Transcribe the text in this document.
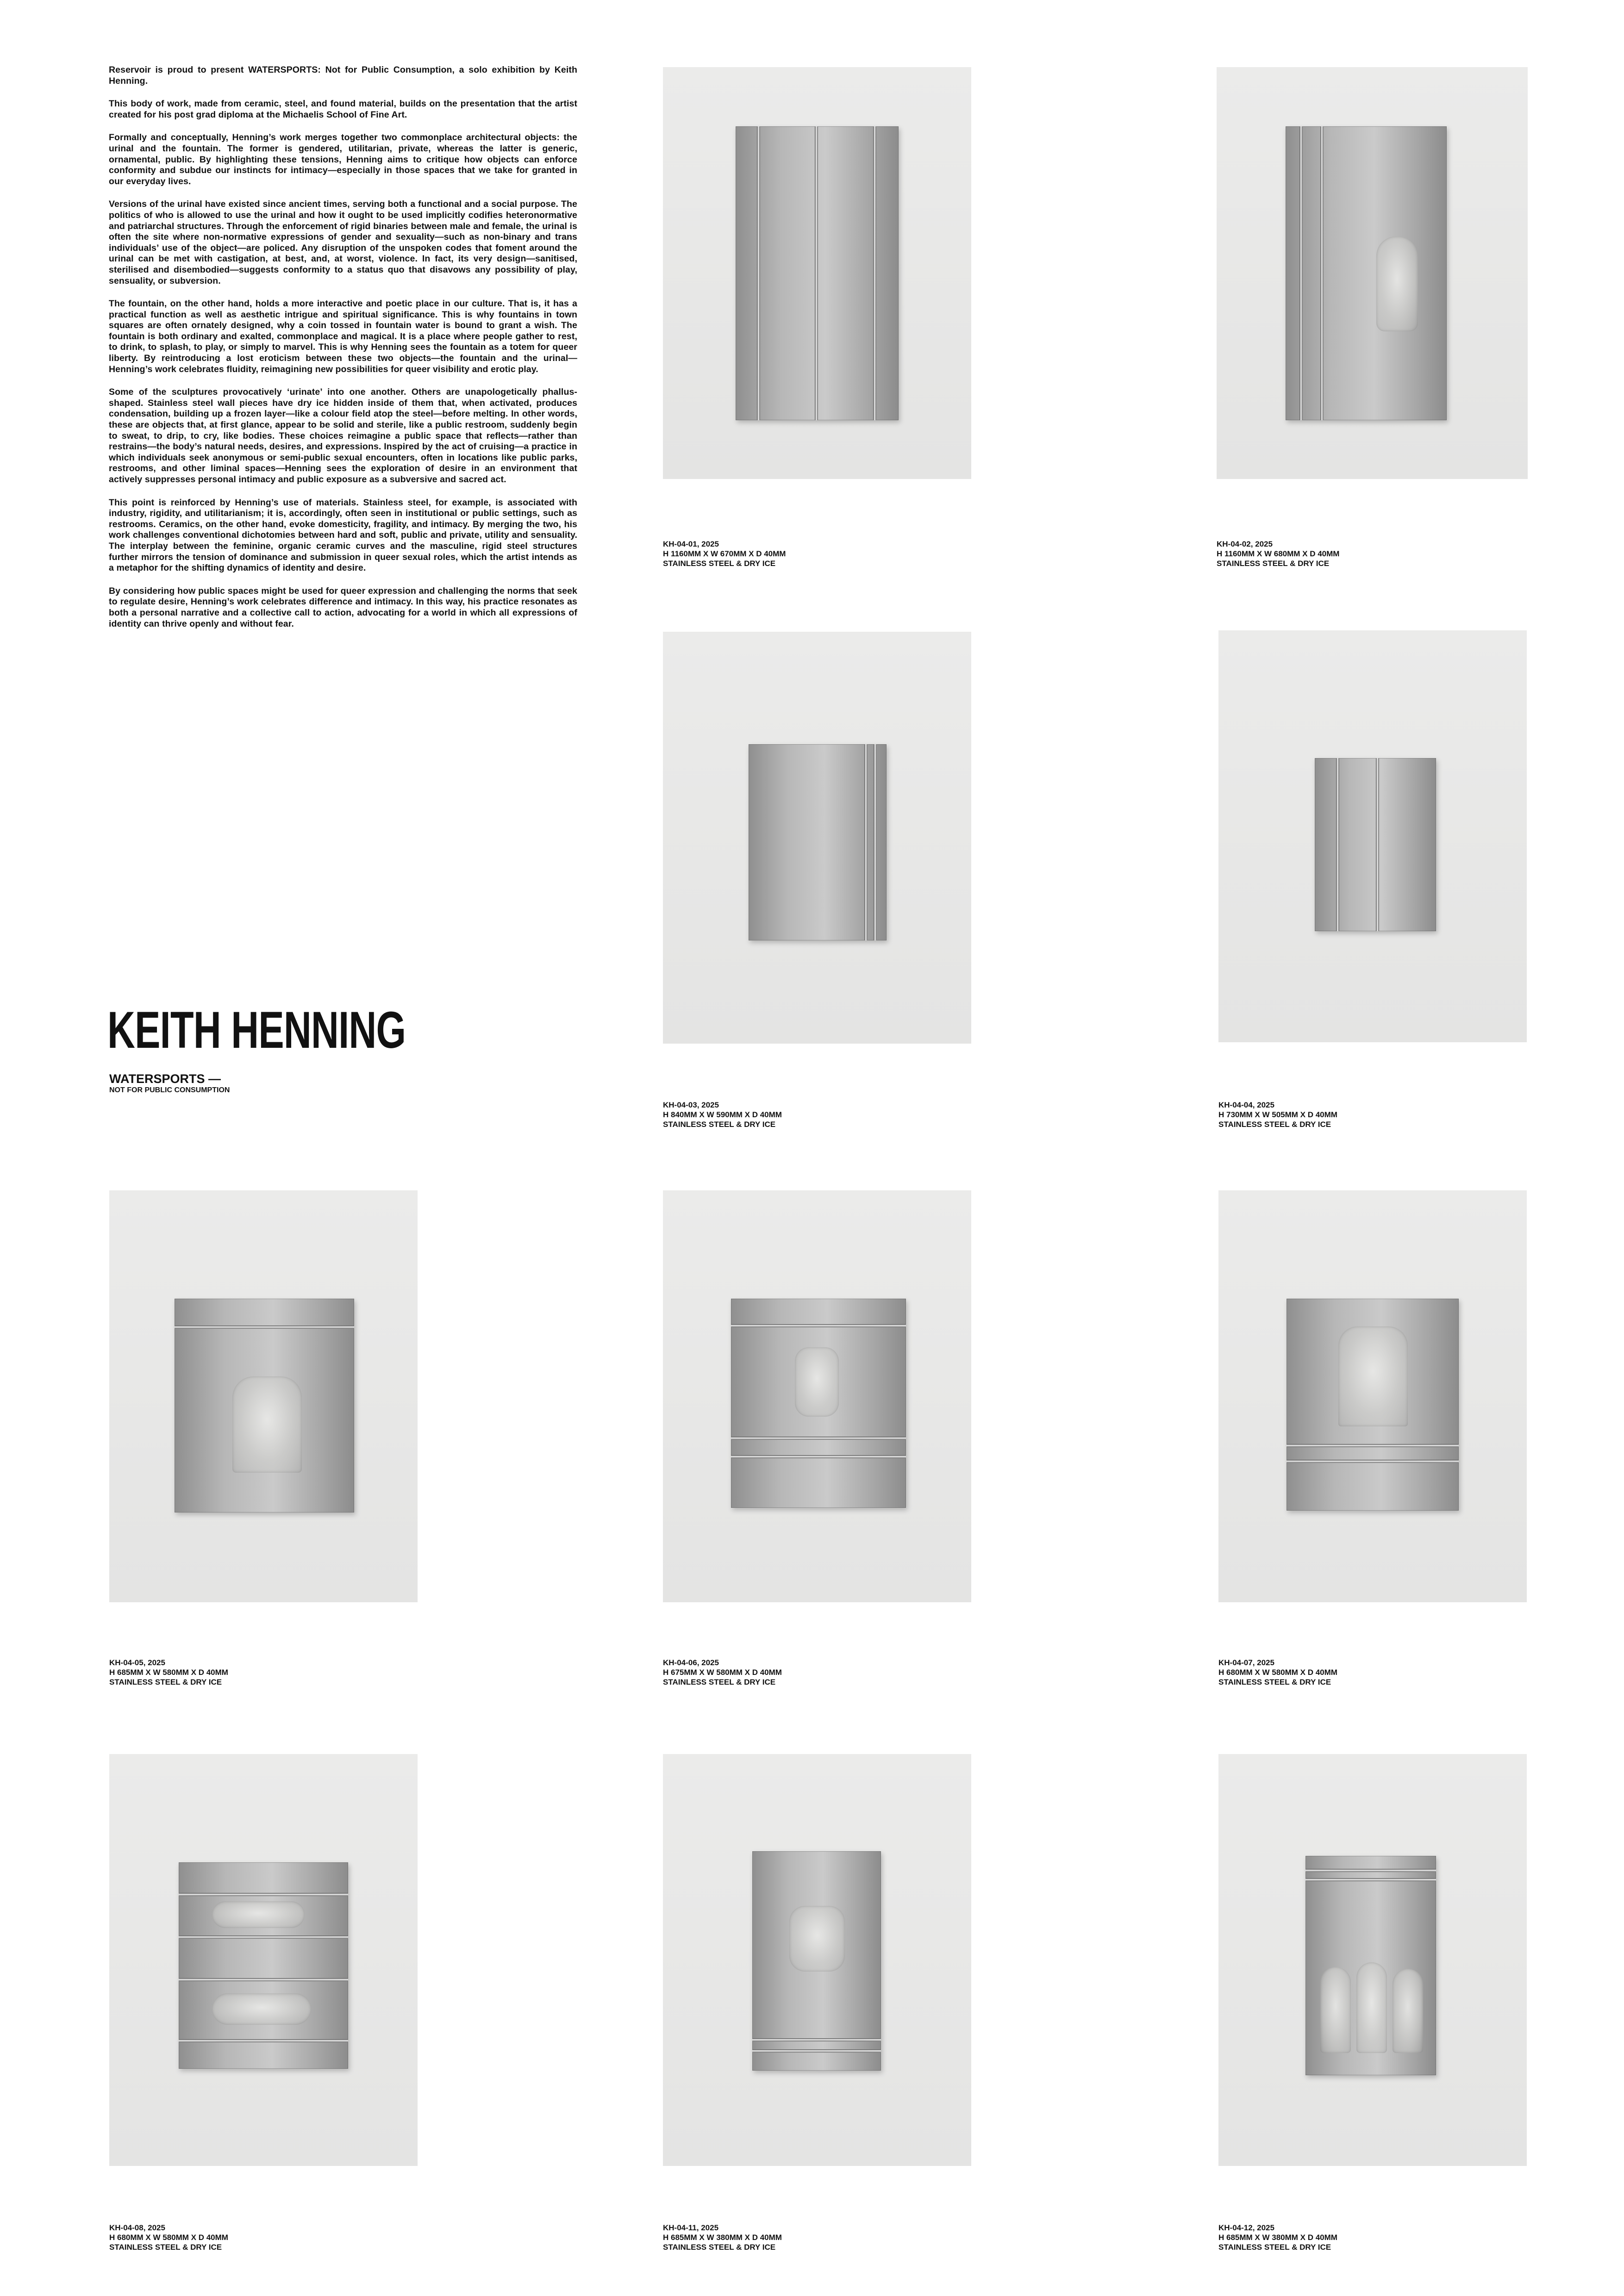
Reservoir is proud to present WATERSPORTS: Not for Public Consumption, a solo exhibition by Keith Henning.

This body of work, made from ceramic, steel, and found material, builds on the presentation that the artist created for his post grad diploma at the Michaelis School of Fine Art.

Formally and conceptually, Henning’s work merges together two commonplace architectural objects: the urinal and the fountain. The former is gendered, utilitarian, private, whereas the latter is generic, ornamental, public. By highlighting these tensions, Henning aims to critique how objects can enforce conformity and subdue our instincts for intimacy—especially in those spaces that we take for granted in our everyday lives.

Versions of the urinal have existed since ancient times, serving both a functional and a social purpose. The politics of who is allowed to use the urinal and how it ought to be used implicitly codifies heteronormative and patriarchal structures. Through the enforcement of rigid binaries between male and female, the urinal is often the site where non-normative expressions of gender and sexuality—such as non-binary and trans individuals’ use of the object—are policed. Any disruption of the unspoken codes that foment around the urinal can be met with castigation, at best, and, at worst, violence. In fact, its very design—sanitised, sterilised and disembodied—suggests conformity to a status quo that disavows any possibility of play, sensuality, or subversion.

The fountain, on the other hand, holds a more interactive and poetic place in our culture. That is, it has a practical function as well as aesthetic intrigue and spiritual significance. This is why fountains in town squares are often ornately designed, why a coin tossed in fountain water is bound to grant a wish. The fountain is both ordinary and exalted, commonplace and magical. It is a place where people gather to rest, to drink, to splash, to play, or simply to marvel. This is why Henning sees the fountain as a totem for queer liberty. By reintroducing a lost eroticism between these two objects—the fountain and the urinal—Henning’s work celebrates fluidity, reimagining new possibilities for queer visibility and erotic play.

Some of the sculptures provocatively ‘urinate’ into one another. Others are unapologetically phallus-shaped. Stainless steel wall pieces have dry ice hidden inside of them that, when activated, produces condensation, building up a frozen layer—like a colour field atop the steel—before melting. In other words, these are objects that, at first glance, appear to be solid and sterile, like a public restroom, suddenly begin to sweat, to drip, to cry, like bodies. These choices reimagine a public space that reflects—rather than restrains—the body’s natural needs, desires, and expressions. Inspired by the act of cruising—a practice in which individuals seek anonymous or semi-public sexual encounters, often in locations like public parks, restrooms, and other liminal spaces—Henning sees the exploration of desire in an environment that actively suppresses personal intimacy and public exposure as a subversive and sacred act.

This point is reinforced by Henning’s use of materials. Stainless steel, for example, is associated with industry, rigidity, and utilitarianism; it is, accordingly, often seen in institutional or public settings, such as restrooms. Ceramics, on the other hand, evoke domesticity, fragility, and intimacy. By merging the two, his work challenges conventional dichotomies between hard and soft, public and private, utility and sensuality. The interplay between the feminine, organic ceramic curves and the masculine, rigid steel structures further mirrors the tension of dominance and submission in queer sexual roles, which the artist intends as a metaphor for the shifting dynamics of identity and desire.

By considering how public spaces might be used for queer expression and challenging the norms that seek to regulate desire, Henning’s work celebrates difference and intimacy. In this way, his practice resonates as both a personal narrative and a collective call to action, advocating for a world in which all expressions of identity can thrive openly and without fear.

KEITH HENNING
WATERSPORTS —
NOT FOR PUBLIC CONSUMPTION
KH-04-01, 2025
H 1160MM X W 670MM X D 40MM
STAINLESS STEEL & DRY ICE
KH-04-02, 2025
H 1160MM X W 680MM X D 40MM
STAINLESS STEEL & DRY ICE
KH-04-03, 2025
H 840MM X W 590MM X D 40MM
STAINLESS STEEL & DRY ICE
KH-04-04, 2025
H 730MM X W 505MM X D 40MM
STAINLESS STEEL & DRY ICE
KH-04-05, 2025
H 685MM X W 580MM X D 40MM
STAINLESS STEEL & DRY ICE
KH-04-06, 2025
H 675MM X W 580MM X D 40MM
STAINLESS STEEL & DRY ICE
KH-04-07, 2025
H 680MM X W 580MM X D 40MM
STAINLESS STEEL & DRY ICE
KH-04-08, 2025
H 680MM X W 580MM X D 40MM
STAINLESS STEEL & DRY ICE
KH-04-11, 2025
H 685MM X W 380MM X D 40MM
STAINLESS STEEL & DRY ICE
KH-04-12, 2025
H 685MM X W 380MM X D 40MM
STAINLESS STEEL & DRY ICE
